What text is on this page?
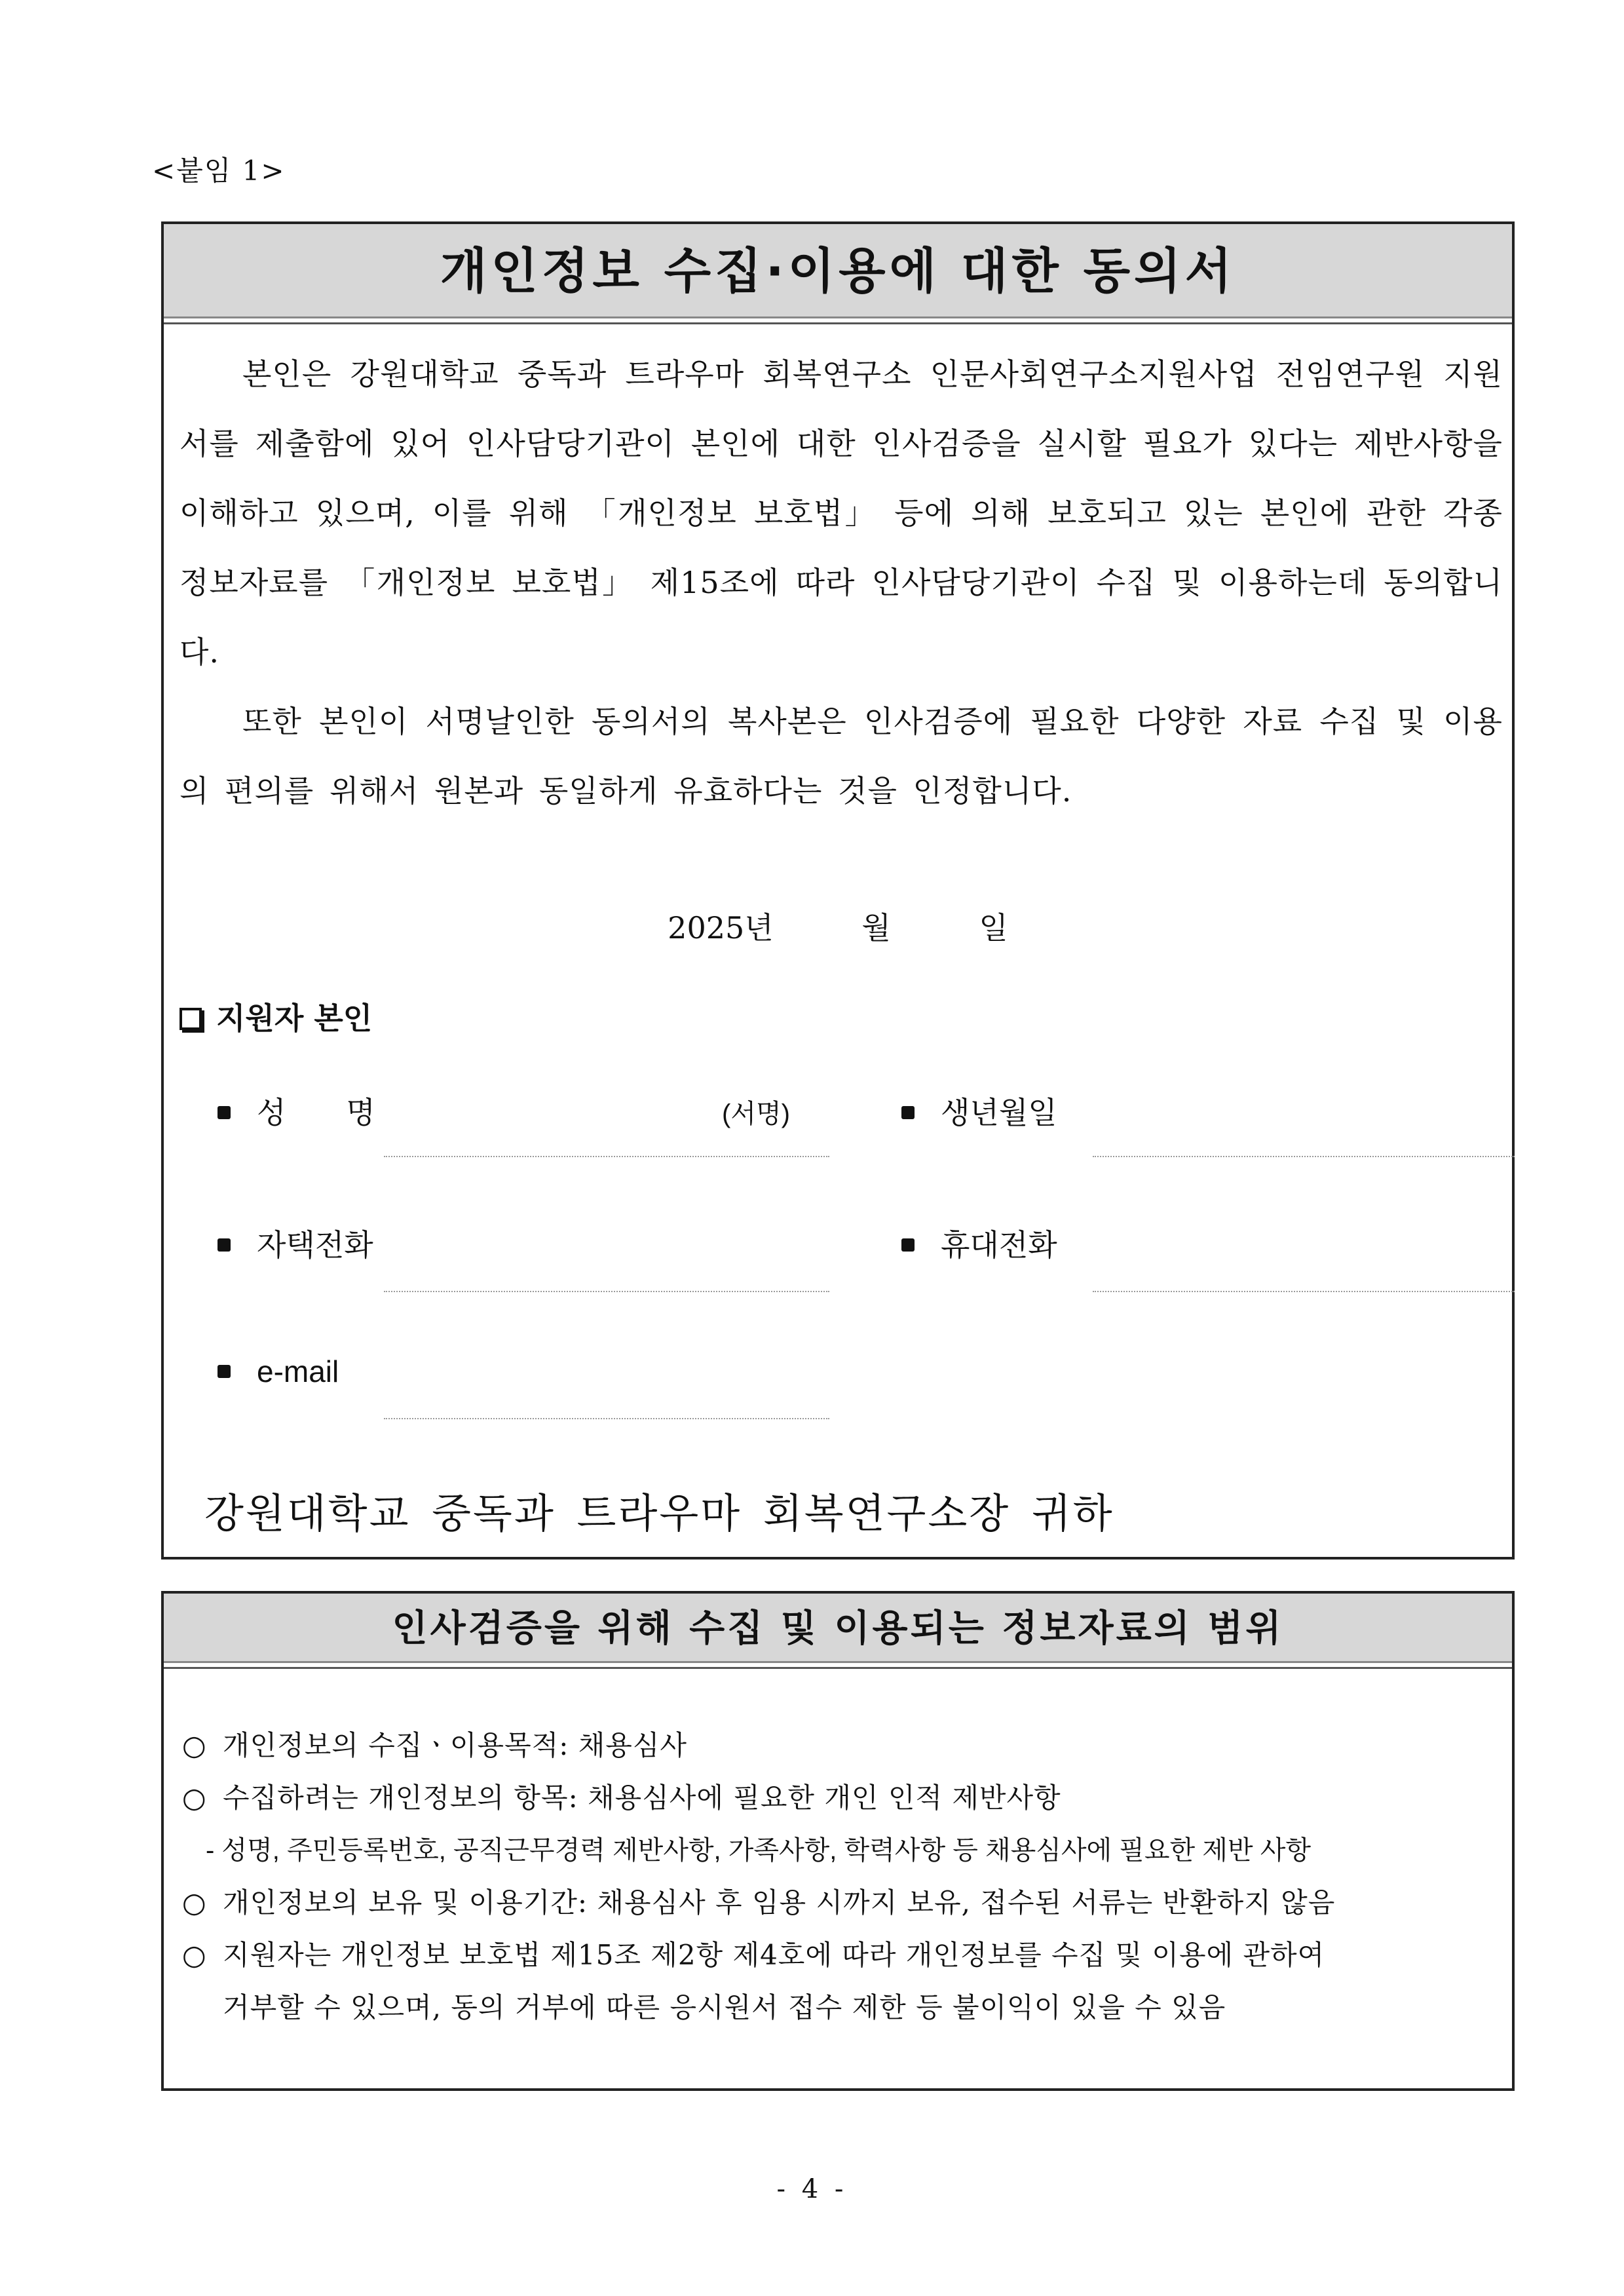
<붙임 1>
개인정보 수집·이용에 대한 동의서

본인은 강원대학교 중독과 트라우마 회복연구소 인문사회연구소지원사업 전임연구원 지원서를 제출함에 있어 인사담당기관이 본인에 대한 인사검증을 실시할 필요가 있다는 제반사항을 이해하고 있으며, 이를 위해 「개인정보 보호법」 등에 의해 보호되고 있는 본인에 관한 각종 정보자료를 「개인정보 보호법」 제15조에 따라 인사담당기관이 수집 및 이용하는데 동의합니다.

또한 본인이 서명날인한 동의서의 복사본은 인사검증에 필요한 다양한 자료 수집 및 이용의 편의를 위해서 원본과 동일하게 유효하다는 것을 인정합니다.

2025년	월	일
지원자 본인
성　　명	(서명)	생년월일
자택전화	휴대전화
e-mail
강원대학교 중독과 트라우마 회복연구소장 귀하
인사검증을 위해 수집 및 이용되는 정보자료의 범위
○ 개인정보의 수집ㆍ이용목적: 채용심사
○ 수집하려는 개인정보의 항목: 채용심사에 필요한 개인 인적 제반사항
- 성명, 주민등록번호, 공직근무경력 제반사항, 가족사항, 학력사항 등 채용심사에 필요한 제반 사항
○ 개인정보의 보유 및 이용기간: 채용심사 후 임용 시까지 보유, 접수된 서류는 반환하지 않음
○ 지원자는 개인정보 보호법 제15조 제2항 제4호에 따라 개인정보를 수집 및 이용에 관하여
거부할 수 있으며, 동의 거부에 따른 응시원서 접수 제한 등 불이익이 있을 수 있음
- 4 -
